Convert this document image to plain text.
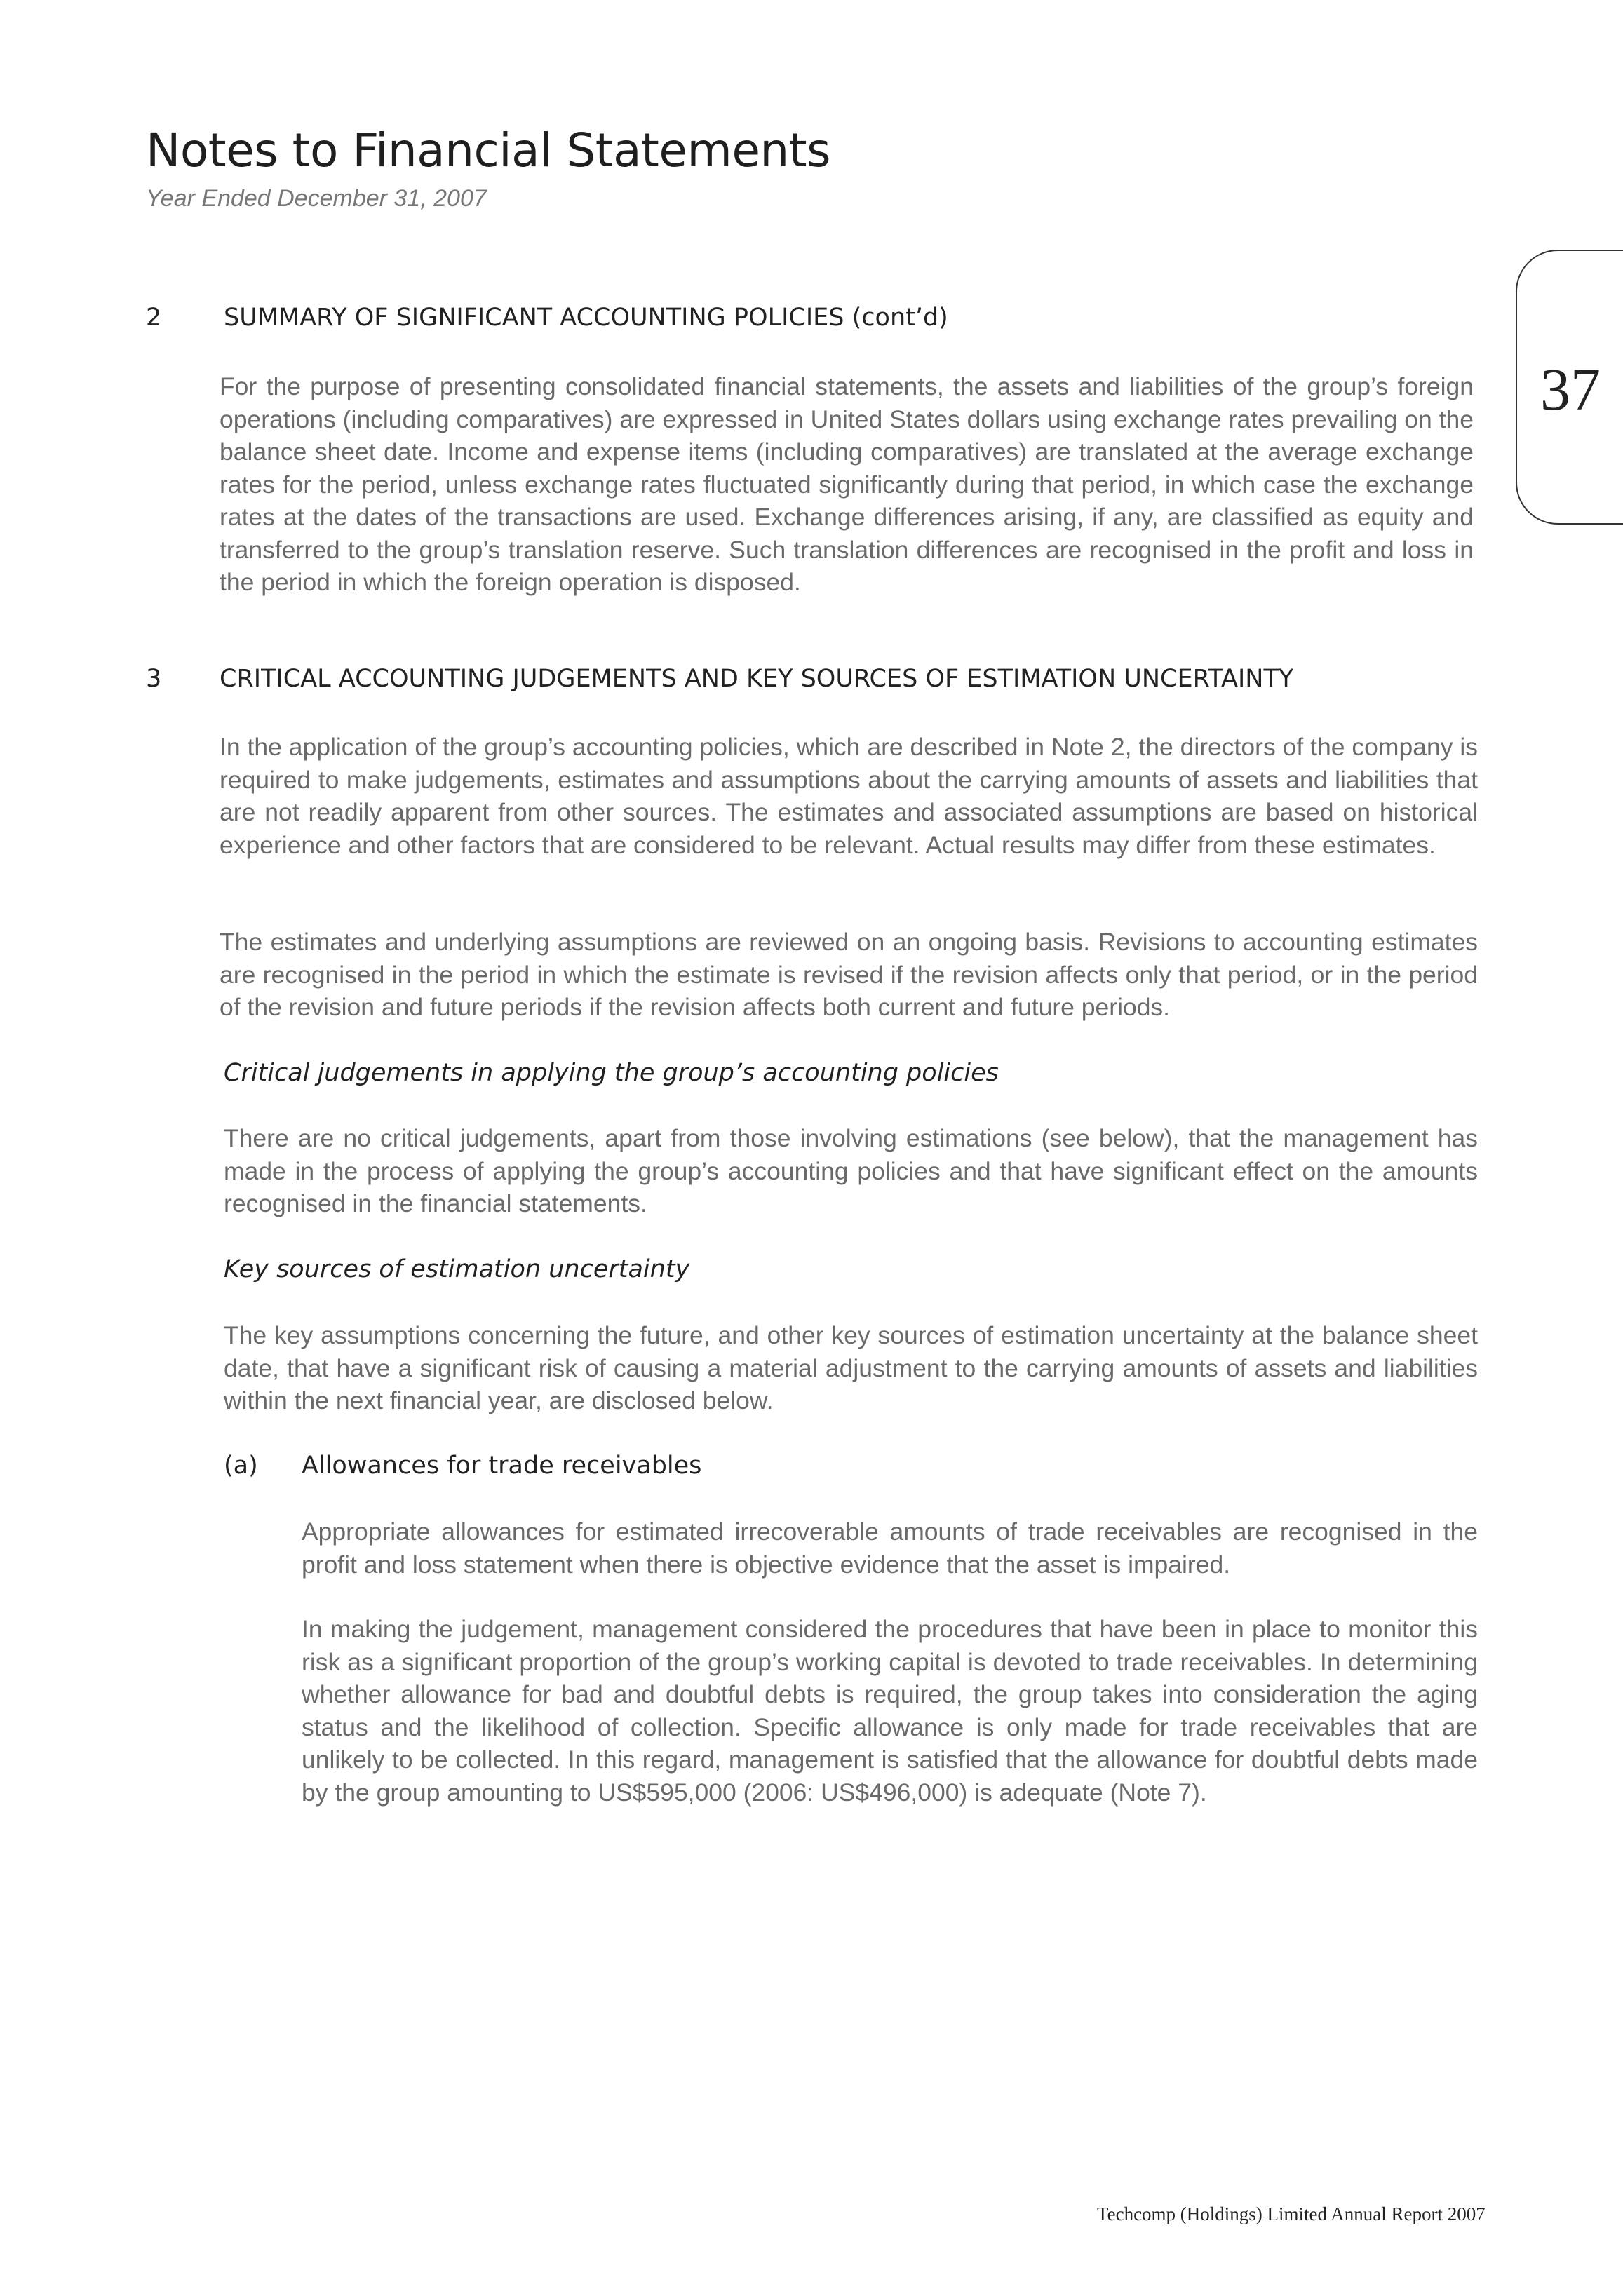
Notes to Financial Statements
Year Ended December 31, 2007
37
2	SUMMARY OF SIGNIFICANT ACCOUNTING POLICIES (cont’d)

For the purpose of presenting consolidated financial statements, the assets and liabilities of the group’s foreign operations (including comparatives) are expressed in United States dollars using exchange rates prevailing on the balance sheet date. Income and expense items (including comparatives) are translated at the average exchange rates for the period, unless exchange rates fluctuated significantly during that period, in which case the exchange rates at the dates of the transactions are used. Exchange differences arising, if any, are classified as equity and transferred to the group’s translation reserve. Such translation differences are recognised in the profit and loss in the period in which the foreign operation is disposed.

3 CRITICAL ACCOUNTING JUDGEMENTS AND KEY SOURCES OF ESTIMATION UNCERTAINTY

In the application of the group’s accounting policies, which are described in Note 2, the directors of the company is required to make judgements, estimates and assumptions about the carrying amounts of assets and liabilities that are not readily apparent from other sources. The estimates and associated assumptions are based on historical experience and other factors that are considered to be relevant. Actual results may differ from these estimates.

The estimates and underlying assumptions are reviewed on an ongoing basis. Revisions to accounting estimates are recognised in the period in which the estimate is revised if the revision affects only that period, or in the period of the revision and future periods if the revision affects both current and future periods.

Critical judgements in applying the group’s accounting policies

There are no critical judgements, apart from those involving estimations (see below), that the management has made in the process of applying the group’s accounting policies and that have significant effect on the amounts recognised in the financial statements.

Key sources of estimation uncertainty

The key assumptions concerning the future, and other key sources of estimation uncertainty at the balance sheet date, that have a significant risk of causing a material adjustment to the carrying amounts of assets and liabilities within the next financial year, are disclosed below.

(a) Allowances for trade receivables

Appropriate allowances for estimated irrecoverable amounts of trade receivables are recognised in the profit and loss statement when there is objective evidence that the asset is impaired.

In making the judgement, management considered the procedures that have been in place to monitor this risk as a significant proportion of the group’s working capital is devoted to trade receivables. In determining whether allowance for bad and doubtful debts is required, the group takes into consideration the aging status and the likelihood of collection. Specific allowance is only made for trade receivables that are unlikely to be collected. In this regard, management is satisfied that the allowance for doubtful debts made by the group amounting to US$595,000 (2006: US$496,000) is adequate (Note 7).

Techcomp (Holdings) Limited Annual Report 2007
